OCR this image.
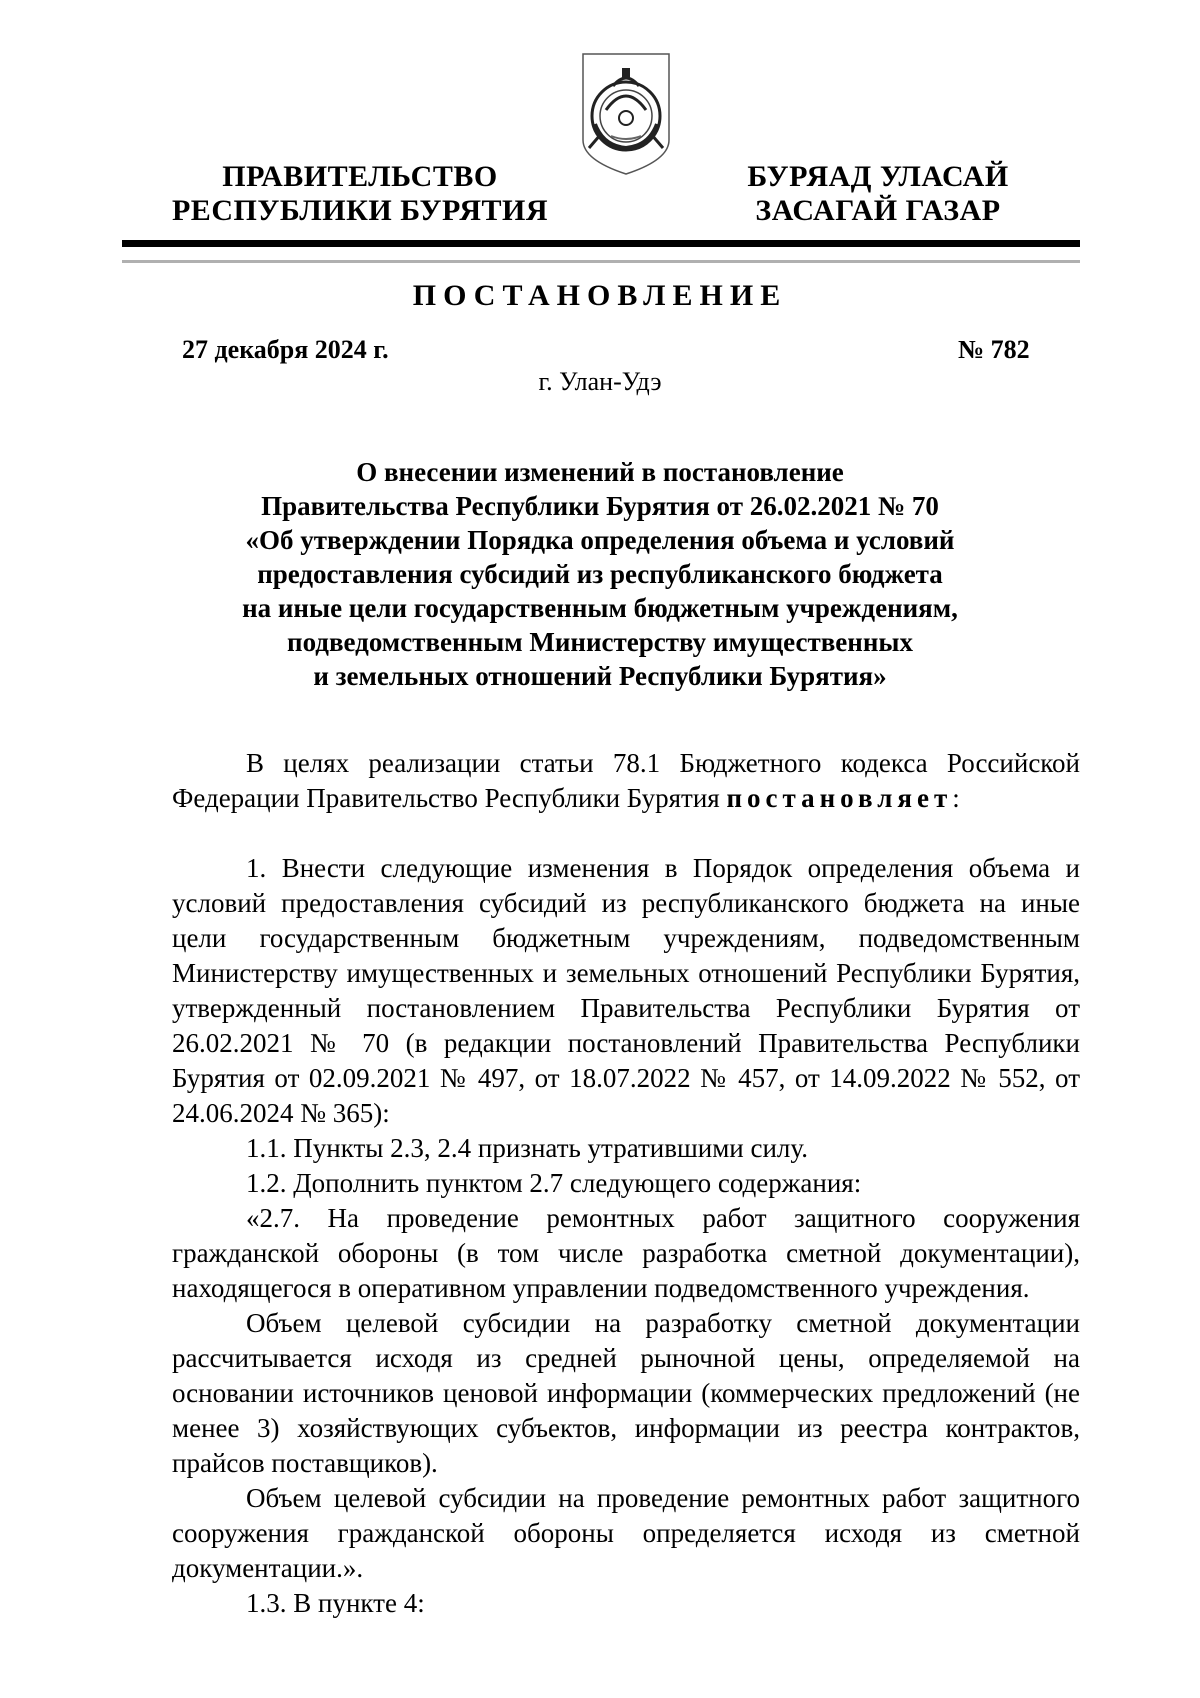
ПРАВИТЕЛЬСТВО
РЕСПУБЛИКИ БУРЯТИЯ
БУРЯАД УЛАСАЙ
ЗАСАГАЙ ГАЗАР
ПОСТАНОВЛЕНИЕ
27 декабря 2024 г.	№ 782
г. Улан-Удэ
О внесении изменений в постановление
Правительства Республики Бурятия от 26.02.2021 № 70
«Об утверждении Порядка определения объема и условий
предоставления субсидий из республиканского бюджета
на иные цели государственным бюджетным учреждениям,
подведомственным Министерству имущественных
и земельных отношений Республики Бурятия»

В целях реализации статьи 78.1 Бюджетного кодекса Российской Федерации Правительство Республики Бурятия постановляет:

1. Внести следующие изменения в Порядок определения объема и условий предоставления субсидий из республиканского бюджета на иные цели государственным бюджетным учреждениям, подведомственным Министерству имущественных и земельных отношений Республики Бурятия, утвержденный постановлением Правительства Республики Бурятия от 26.02.2021 № 70 (в редакции постановлений Правительства Республики Бурятия от 02.09.2021 № 497, от 18.07.2022 № 457, от 14.09.2022 № 552, от 24.06.2024 № 365):

1.1. Пункты 2.3, 2.4 признать утратившими силу.

1.2. Дополнить пунктом 2.7 следующего содержания:

«2.7. На проведение ремонтных работ защитного сооружения гражданской обороны (в том числе разработка сметной документации), находящегося в оперативном управлении подведомственного учреждения.

Объем целевой субсидии на разработку сметной документации рассчитывается исходя из средней рыночной цены, определяемой на основании источников ценовой информации (коммерческих предложений (не менее 3) хозяйствующих субъектов, информации из реестра контрактов, прайсов поставщиков).

Объем целевой субсидии на проведение ремонтных работ защитного сооружения гражданской обороны определяется исходя из сметной документации.».

1.3. В пункте 4:
